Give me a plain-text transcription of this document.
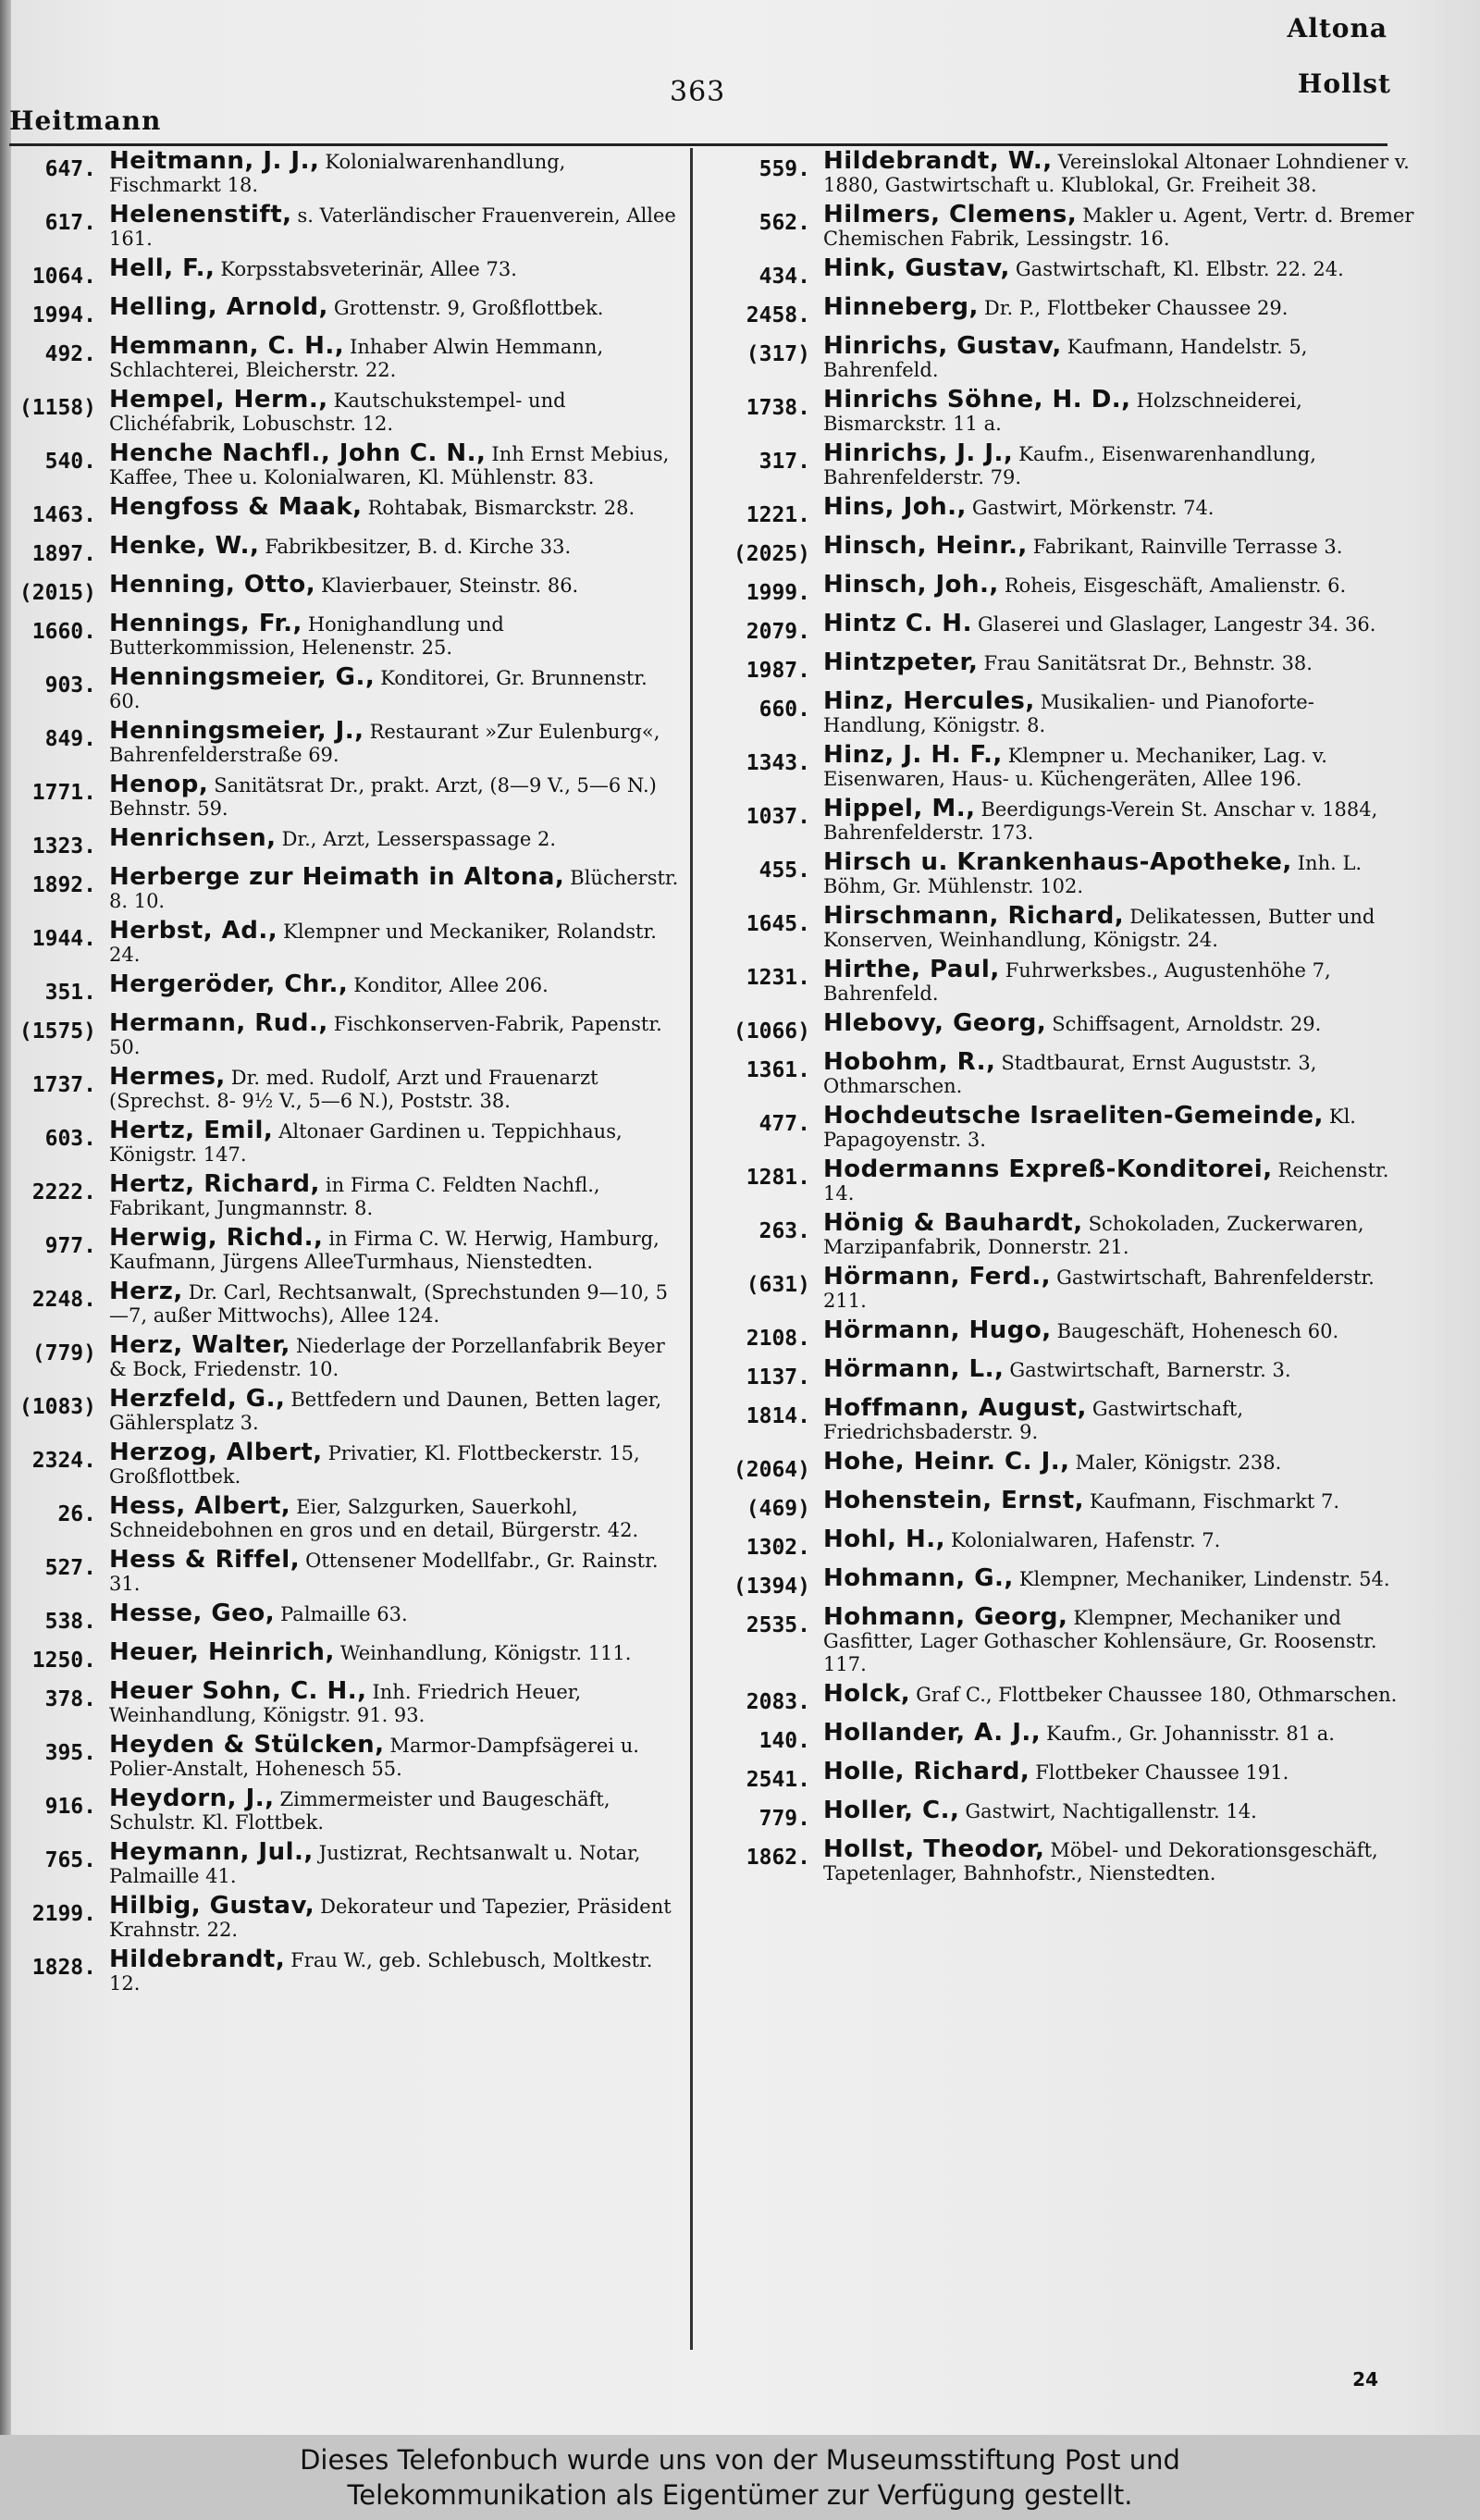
Altona
363	Hollst
Heitmann
647. Heitmann, J. J., Kolonialwarenhandlung, Fischmarkt 18.
617. Helenenstift, s. Vaterländischer Frauenverein, Allee 161.
1064. Hell, F., Korpsstabsveterinär, Allee 73.
1994. Helling, Arnold, Grottenstr. 9, Großflottbek.
492. Hemmann, C. H., Inhaber Alwin Hemmann, Schlachterei, Bleicherstr. 22.
(1158) Hempel, Herm., Kautschukstempel- und Clichéfabrik, Lobuschstr. 12.
540. Henche Nachfl., John C. N., Inh Ernst Mebius, Kaffee, Thee u. Kolonialwaren, Kl. Mühlenstr. 83.
1463. Hengfoss & Maak, Rohtabak, Bismarckstr. 28.
1897. Henke, W., Fabrikbesitzer, B. d. Kirche 33.
(2015) Henning, Otto, Klavierbauer, Steinstr. 86.
1660. Hennings, Fr., Honighandlung und Butterkommission, Helenenstr. 25.
903. Henningsmeier, G., Konditorei, Gr. Brunnenstr. 60.
849. Henningsmeier, J., Restaurant »Zur Eulenburg«, Bahrenfelderstraße 69.
1771. Henop, Sanitätsrat Dr., prakt. Arzt, (8—9 V., 5—6 N.) Behnstr. 59.
1323. Henrichsen, Dr., Arzt, Lesserspassage 2.
1892. Herberge zur Heimath in Altona, Blücherstr. 8. 10.
1944. Herbst, Ad., Klempner und Meckaniker, Rolandstr. 24.
351. Hergeröder, Chr., Konditor, Allee 206.
(1575) Hermann, Rud., Fischkonserven-Fabrik, Papenstr. 50.
1737. Hermes, Dr. med. Rudolf, Arzt und Frauenarzt (Sprechst. 8- 9½ V., 5—6 N.), Poststr. 38.
603. Hertz, Emil, Altonaer Gardinen u. Teppichhaus, Königstr. 147.
2222. Hertz, Richard, in Firma C. Feldten Nachfl., Fabrikant, Jungmannstr. 8.
977. Herwig, Richd., in Firma C. W. Herwig, Hamburg, Kaufmann, Jürgens AlleeTurmhaus, Nienstedten.
2248. Herz, Dr. Carl, Rechtsanwalt, (Sprechstunden 9—10, 5—7, außer Mittwochs), Allee 124.
(779) Herz, Walter, Niederlage der Porzellanfabrik Beyer & Bock, Friedenstr. 10.
(1083) Herzfeld, G., Bettfedern und Daunen, Betten lager, Gählersplatz 3.
2324. Herzog, Albert, Privatier, Kl. Flottbeckerstr. 15, Großflottbek.
26. Hess, Albert, Eier, Salzgurken, Sauerkohl, Schneidebohnen en gros und en detail, Bürgerstr. 42.
527. Hess & Riffel, Ottensener Modellfabr., Gr. Rainstr. 31.
538. Hesse, Geo, Palmaille 63.
1250. Heuer, Heinrich, Weinhandlung, Königstr. 111.
378. Heuer Sohn, C. H., Inh. Friedrich Heuer, Weinhandlung, Königstr. 91. 93.
395. Heyden & Stülcken, Marmor-Dampfsägerei u. Polier-Anstalt, Hohenesch 55.
916. Heydorn, J., Zimmermeister und Baugeschäft, Schulstr. Kl. Flottbek.
765. Heymann, Jul., Justizrat, Rechtsanwalt u. Notar, Palmaille 41.
2199. Hilbig, Gustav, Dekorateur und Tapezier, Präsident Krahnstr. 22.
1828. Hildebrandt, Frau W., geb. Schlebusch, Moltkestr. 12.
559. Hildebrandt, W., Vereinslokal Altonaer Lohndiener v. 1880, Gastwirtschaft u. Klublokal, Gr. Freiheit 38.
562. Hilmers, Clemens, Makler u. Agent, Vertr. d. Bremer Chemischen Fabrik, Lessingstr. 16.
434. Hink, Gustav, Gastwirtschaft, Kl. Elbstr. 22. 24.
2458. Hinneberg, Dr. P., Flottbeker Chaussee 29.
(317) Hinrichs, Gustav, Kaufmann, Handelstr. 5, Bahrenfeld.
1738. Hinrichs Söhne, H. D., Holzschneiderei, Bismarckstr. 11 a.
317. Hinrichs, J. J., Kaufm., Eisenwarenhandlung, Bahrenfelderstr. 79.
1221. Hins, Joh., Gastwirt, Mörkenstr. 74.
(2025) Hinsch, Heinr., Fabrikant, Rainville Terrasse 3.
1999. Hinsch, Joh., Roheis, Eisgeschäft, Amalienstr. 6.
2079. Hintz C. H. Glaserei und Glaslager, Langestr 34. 36.
1987. Hintzpeter, Frau Sanitätsrat Dr., Behnstr. 38.
660. Hinz, Hercules, Musikalien- und Pianoforte-Handlung, Königstr. 8.
1343. Hinz, J. H. F., Klempner u. Mechaniker, Lag. v. Eisenwaren, Haus- u. Küchengeräten, Allee 196.
1037. Hippel, M., Beerdigungs-Verein St. Anschar v. 1884, Bahrenfelderstr. 173.
455. Hirsch u. Krankenhaus-Apotheke, Inh. L. Böhm, Gr. Mühlenstr. 102.
1645. Hirschmann, Richard, Delikatessen, Butter und Konserven, Weinhandlung, Königstr. 24.
1231. Hirthe, Paul, Fuhrwerksbes., Augustenhöhe 7, Bahrenfeld.
(1066) Hlebovy, Georg, Schiffsagent, Arnoldstr. 29.
1361. Hobohm, R., Stadtbaurat, Ernst Auguststr. 3, Othmarschen.
477. Hochdeutsche Israeliten-Gemeinde, Kl. Papagoyenstr. 3.
1281. Hodermanns Expreß-Konditorei, Reichenstr. 14.
263. Hönig & Bauhardt, Schokoladen, Zuckerwaren, Marzipanfabrik, Donnerstr. 21.
(631) Hörmann, Ferd., Gastwirtschaft, Bahrenfelderstr. 211.
2108. Hörmann, Hugo, Baugeschäft, Hohenesch 60.
1137. Hörmann, L., Gastwirtschaft, Barnerstr. 3.
1814. Hoffmann, August, Gastwirtschaft, Friedrichsbaderstr. 9.
(2064) Hohe, Heinr. C. J., Maler, Königstr. 238.
(469) Hohenstein, Ernst, Kaufmann, Fischmarkt 7.
1302. Hohl, H., Kolonialwaren, Hafenstr. 7.
(1394) Hohmann, G., Klempner, Mechaniker, Lindenstr. 54.
2535. Hohmann, Georg, Klempner, Mechaniker und Gasfitter, Lager Gothascher Kohlensäure, Gr. Roosenstr. 117.
2083. Holck, Graf C., Flottbeker Chaussee 180, Othmarschen.
140. Hollander, A. J., Kaufm., Gr. Johannisstr. 81 a.
2541. Holle, Richard, Flottbeker Chaussee 191.
779. Holler, C., Gastwirt, Nachtigallenstr. 14.
1862. Hollst, Theodor, Möbel- und Dekorationsgeschäft, Tapetenlager, Bahnhofstr., Nienstedten.
24
Dieses Telefonbuch wurde uns von der Museumsstiftung Post und
Telekommunikation als Eigentümer zur Verfügung gestellt.
